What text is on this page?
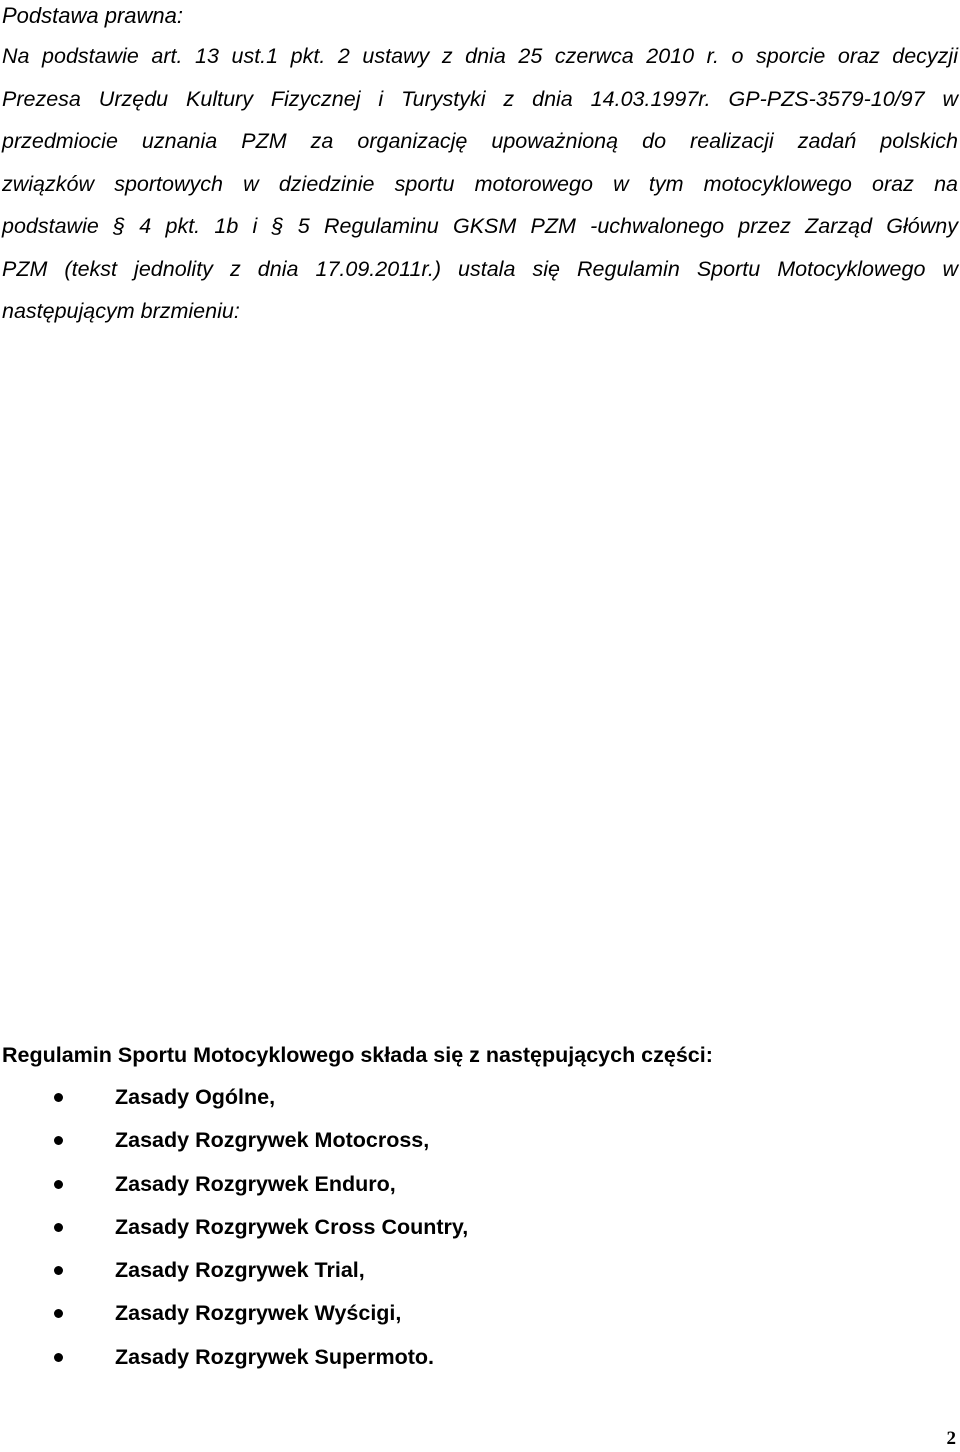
Podstawa prawna:
Na podstawie art. 13 ust.1 pkt. 2 ustawy z dnia 25 czerwca 2010 r. o sporcie oraz decyzji
Prezesa Urzędu Kultury Fizycznej i Turystyki z dnia 14.03.1997r. GP-PZS-3579-10/97 w
przedmiocie uznania PZM za organizację upoważnioną do realizacji zadań polskich
związków sportowych w dziedzinie sportu motorowego w tym motocyklowego oraz na
podstawie § 4 pkt. 1b i § 5 Regulaminu GKSM PZM -uchwalonego przez Zarząd Główny
PZM (tekst jednolity z dnia 17.09.2011r.) ustala się Regulamin Sportu Motocyklowego w
następującym brzmieniu:

Regulamin Sportu Motocyklowego składa się z następujących części:

Zasady Ogólne,
Zasady Rozgrywek Motocross,
Zasady Rozgrywek Enduro,
Zasady Rozgrywek Cross Country,
Zasady Rozgrywek Trial,
Zasady Rozgrywek Wyścigi,
Zasady Rozgrywek Supermoto.
2
